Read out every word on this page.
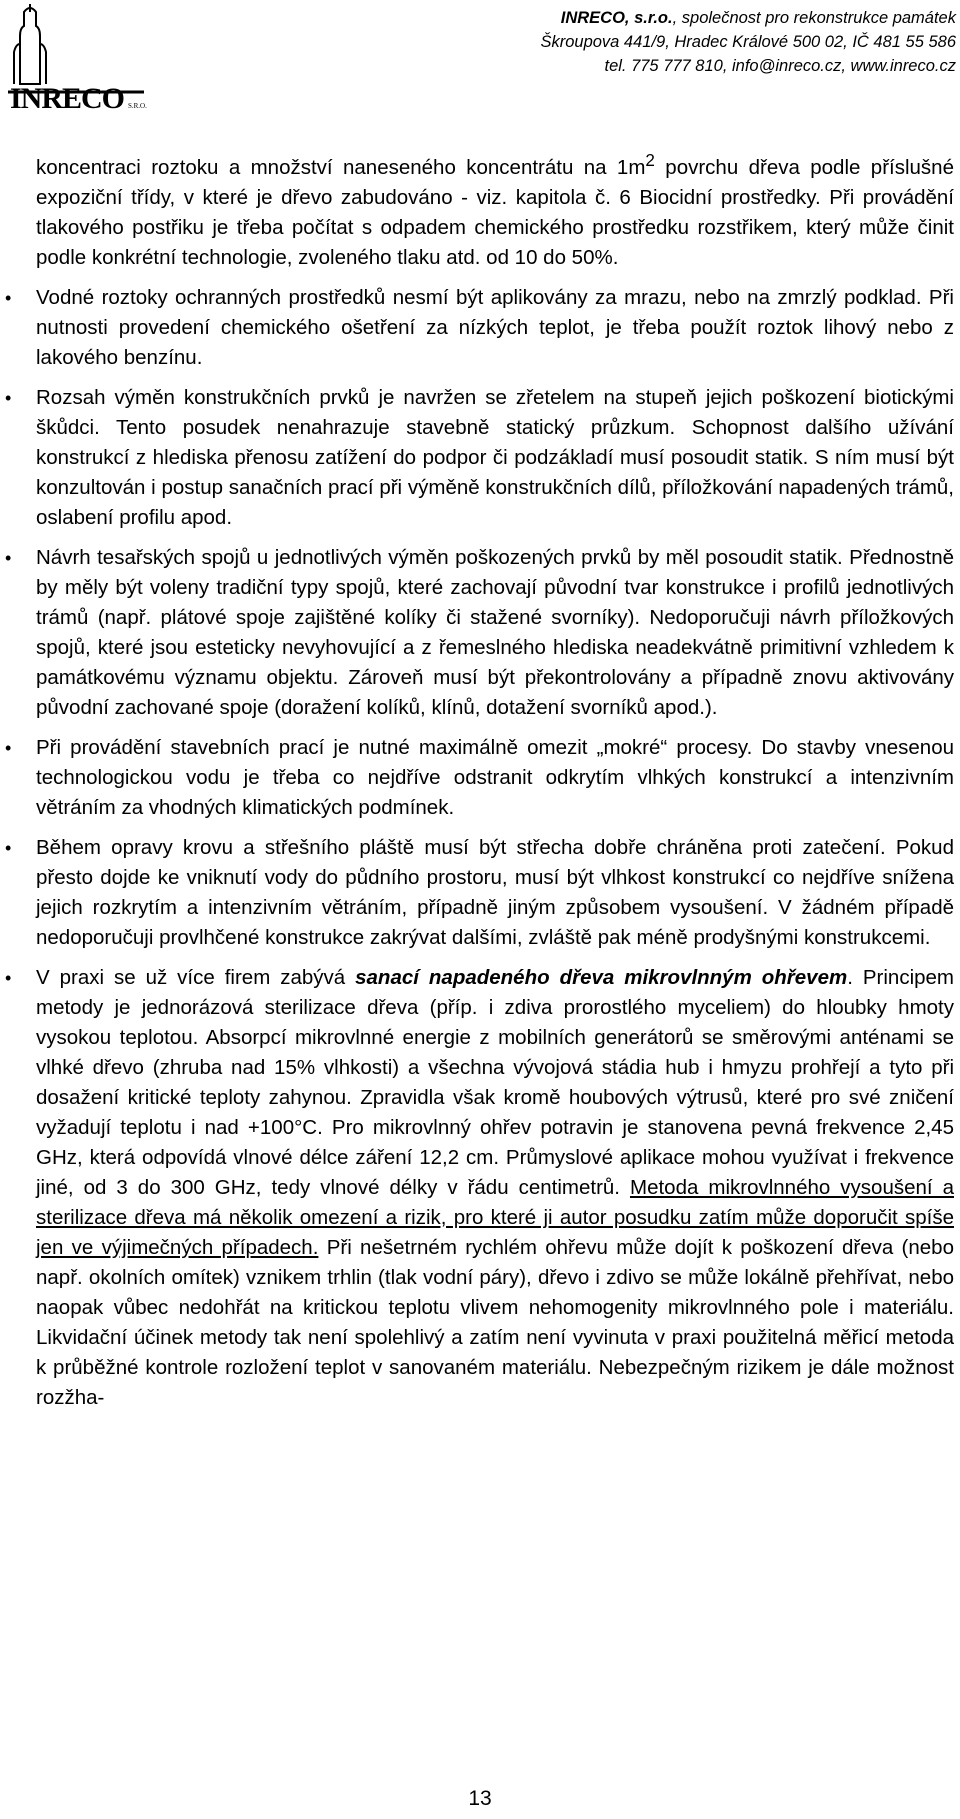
INRECO S.R.O.
INRECO, s.r.o., společnost pro rekonstrukce památek
Škroupova 441/9, Hradec Králové 500 02, IČ 481 55 586
tel. 775 777 810, info@inreco.cz, www.inreco.cz

koncentraci roztoku a množství naneseného koncentrátu na $1m^2$ povrchu dřeva podle příslušné expoziční třídy, v které je dřevo zabudováno - viz. kapitola č. 6 Biocidní prostředky. Při provádění tlakového postřiku je třeba počítat s odpadem chemického prostředku rozstřikem, který může činit podle konkrétní technologie, zvoleného tlaku atd. od 10 do 50%.

• Vodné roztoky ochranných prostředků nesmí být aplikovány za mrazu, nebo na zmrzlý podklad. Při nutnosti provedení chemického ošetření za nízkých teplot, je třeba použít roztok lihový nebo z lakového benzínu.
• Rozsah výměn konstrukčních prvků je navržen se zřetelem na stupeň jejich poškození biotickými škůdci. Tento posudek nenahrazuje stavebně statický průzkum. Schopnost dalšího užívání konstrukcí z hlediska přenosu zatížení do podpor či podzákladí musí posoudit statik. S ním musí být konzultován i postup sanačních prací při výměně konstrukčních dílů, příložkování napadených trámů, oslabení profilu apod.
• Návrh tesařských spojů u jednotlivých výměn poškozených prvků by měl posoudit statik. Přednostně by měly být voleny tradiční typy spojů, které zachovají původní tvar konstrukce i profilů jednotlivých trámů (např. plátové spoje zajištěné kolíky či stažené svorníky). Nedoporučuji návrh příložkových spojů, které jsou esteticky nevyhovující a z řemeslného hlediska neadekvátně primitivní vzhledem k památkovému významu objektu. Zároveň musí být překontrolovány a případně znovu aktivovány původní zachované spoje (doražení kolíků, klínů, dotažení svorníků apod.).
• Při provádění stavebních prací je nutné maximálně omezit „mokré“ procesy. Do stavby vnesenou technologickou vodu je třeba co nejdříve odstranit odkrytím vlhkých konstrukcí a intenzivním větráním za vhodných klimatických podmínek.
• Během opravy krovu a střešního pláště musí být střecha dobře chráněna proti zatečení. Pokud přesto dojde ke vniknutí vody do půdního prostoru, musí být vlhkost konstrukcí co nejdříve snížena jejich rozkrytím a intenzivním větráním, případně jiným způsobem vysoušení. V žádném případě nedoporučuji provlhčené konstrukce zakrývat dalšími, zvláště pak méně prodyšnými konstrukcemi.
• V praxi se už více firem zabývá sanací napadeného dřeva mikrovlnným ohřevem. Principem metody je jednorázová sterilizace dřeva (příp. i zdiva prorostlého myceliem) do hloubky hmoty vysokou teplotou. Absorpcí mikrovlnné energie z mobilních generátorů se směrovými anténami se vlhké dřevo (zhruba nad 15% vlhkosti) a všechna vývojová stádia hub i hmyzu prohřejí a tyto při dosažení kritické teploty zahynou. Zpravidla však kromě houbových výtrusů, které pro své zničení vyžadují teplotu i nad +100°C. Pro mikrovlnný ohřev potravin je stanovena pevná frekvence 2,45 GHz, která odpovídá vlnové délce záření 12,2 cm. Průmyslové aplikace mohou využívat i frekvence jiné, od 3 do 300 GHz, tedy vlnové délky v řádu centimetrů. Metoda mikrovlnného vysoušení a sterilizace dřeva má několik omezení a rizik, pro které ji autor posudku zatím může doporučit spíše jen ve výjimečných případech. Při nešetrném rychlém ohřevu může dojít k poškození dřeva (nebo např. okolních omítek) vznikem trhlin (tlak vodní páry), dřevo i zdivo se může lokálně přehřívat, nebo naopak vůbec nedohřát na kritickou teplotu vlivem nehomogenity mikrovlnného pole i materiálu. Likvidační účinek metody tak není spolehlivý a zatím není vyvinuta v praxi použitelná měřicí metoda k průběžné kontrole rozložení teplot v sanovaném materiálu. Nebezpečným rizikem je dále možnost rozžha-
13
